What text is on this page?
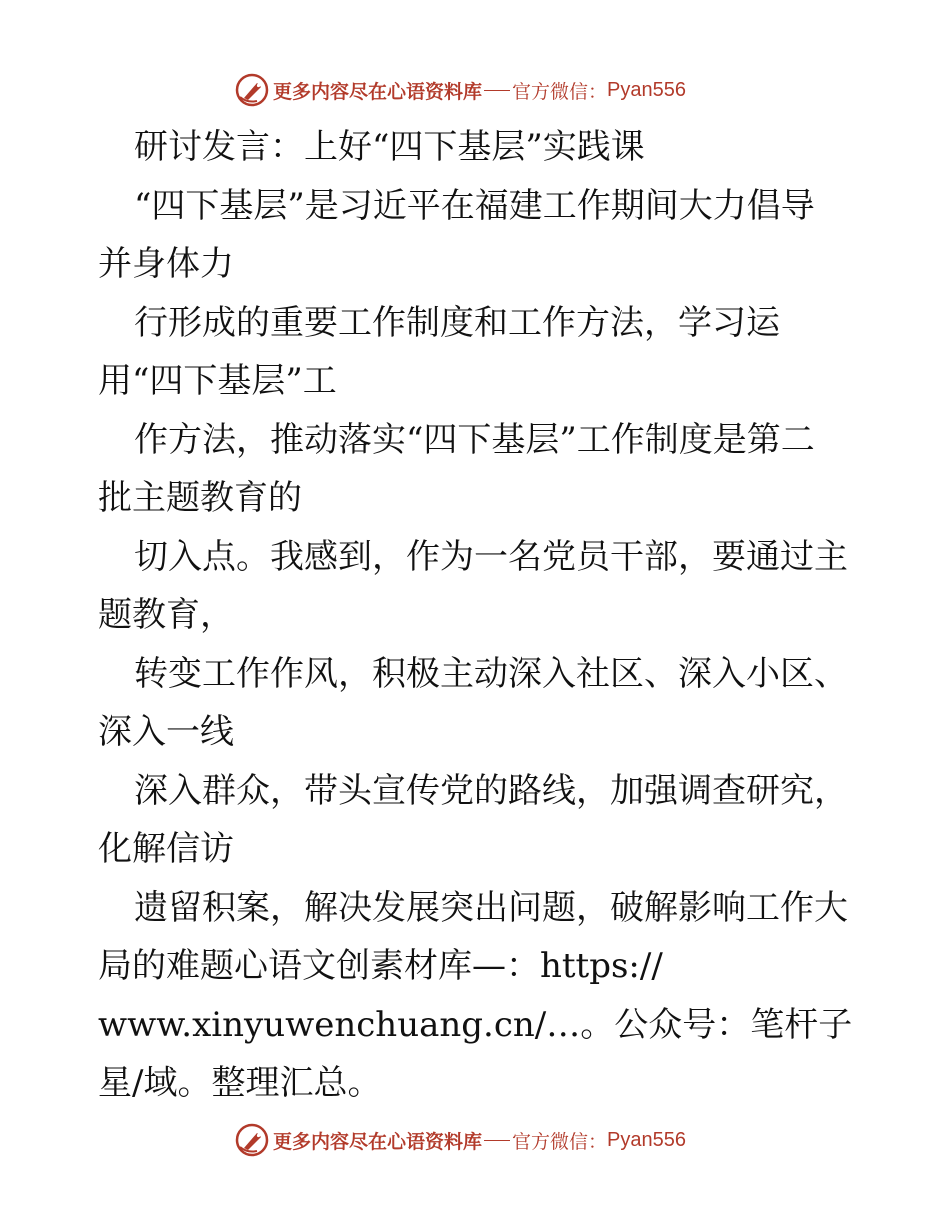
更多内容尽在心语资料库 官方微信： Pyan556
研讨发言：上好“四下基层”实践课
“四下基层”是习近平在福建工作期间大力倡导
并身体力
行形成的重要工作制度和工作方法，学习运
用“四下基层”工
作方法，推动落实“四下基层”工作制度是第二
批主题教育的
切入点。我感到，作为一名党员干部，要通过主
题教育，
转变工作作风，积极主动深入社区、深入小区、
深入一线
深入群众，带头宣传党的路线，加强调查研究，
化解信访
遗留积案，解决发展突出问题，破解影响工作大
局的难题心语文创素材库—：https://
www.xinyuwenchuang.cn/…。公众号：笔杆子
星/域。整理汇总。
更多内容尽在心语资料库 官方微信： Pyan556
